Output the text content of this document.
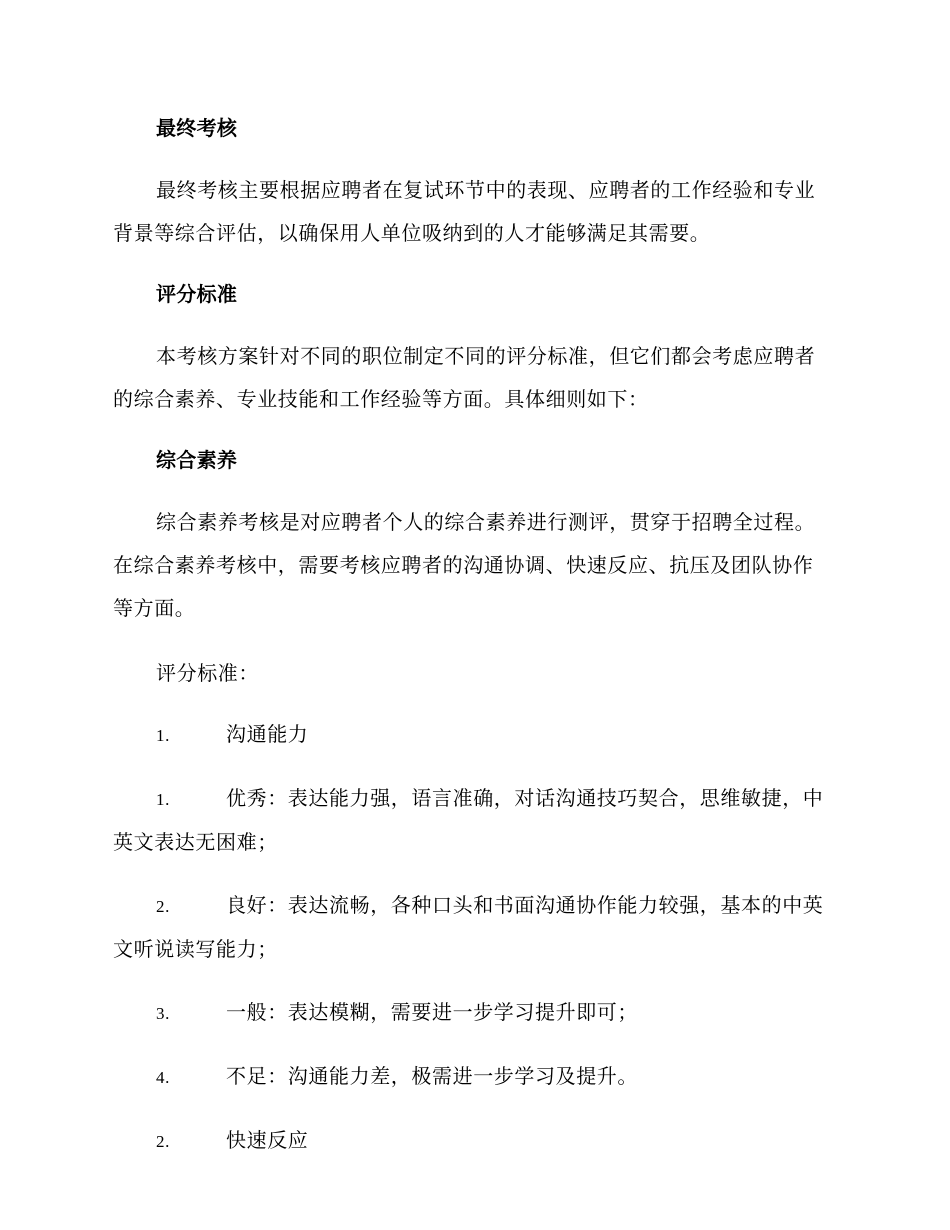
最终考核

最终考核主要根据应聘者在复试环节中的表现、应聘者的工作经验和专业背景等综合评估，以确保用人单位吸纳到的人才能够满足其需要。

评分标准

本考核方案针对不同的职位制定不同的评分标准，但它们都会考虑应聘者的综合素养、专业技能和工作经验等方面。具体细则如下：

综合素养

综合素养考核是对应聘者个人的综合素养进行测评，贯穿于招聘全过程。在综合素养考核中，需要考核应聘者的沟通协调、快速反应、抗压及团队协作等方面。

评分标准：

1.	沟通能力
1.	优秀：表达能力强，语言准确，对话沟通技巧契合，思维敏捷，中英文表达无困难；
2.	良好：表达流畅，各种口头和书面沟通协作能力较强，基本的中英文听说读写能力；
3.	一般：表达模糊，需要进一步学习提升即可；
4.	不足：沟通能力差，极需进一步学习及提升。
2.	快速反应
